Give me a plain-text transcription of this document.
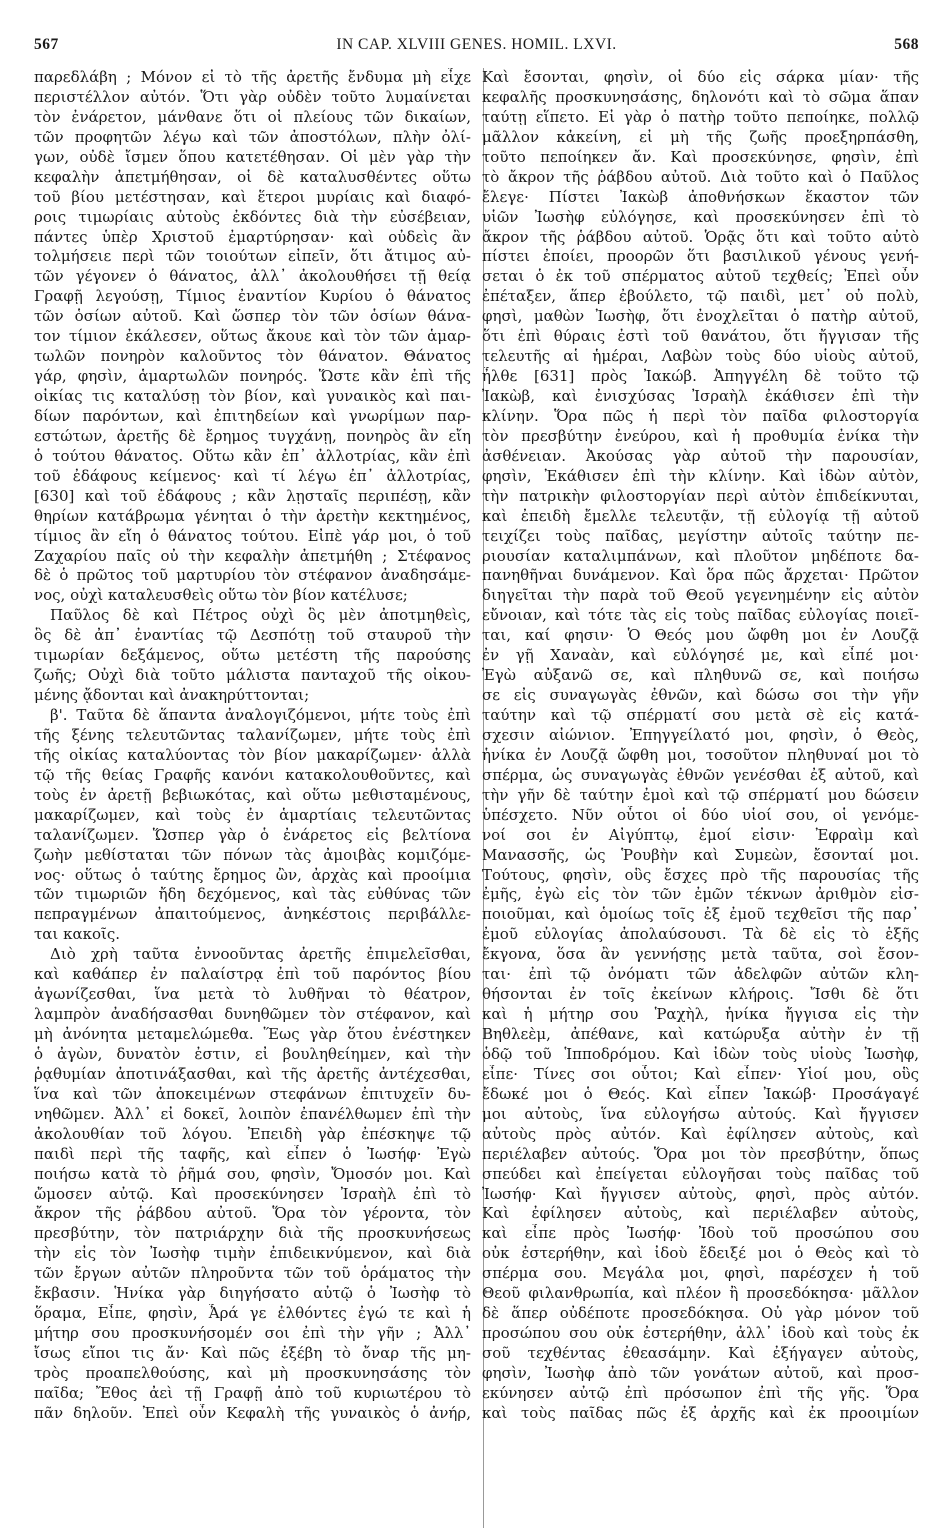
567	IN CAP. XLVIII GENES. HOMIL. LXVI.	568
παρεδλάβη ; Μόνον εἰ τὸ τῆς ἀρετῆς ἔνδυμα μὴ εἶχε
περιστέλλον αὐτόν. Ὅτι γὰρ οὐδὲν τοῦτο λυμαίνεται
τὸν ἐνάρετον, μάνθανε ὅτι οἱ πλείους τῶν δικαίων,
τῶν προφητῶν λέγω καὶ τῶν ἀποστόλων, πλὴν ὀλί-
γων, οὐδὲ ἴσμεν ὅπου κατετέθησαν. Οἱ μὲν γὰρ τὴν
κεφαλὴν ἀπετμήθησαν, οἱ δὲ καταλυσθέντες οὕτω
τοῦ βίου μετέστησαν, καὶ ἕτεροι μυρίαις καὶ διαφό-
ροις τιμωρίαις αὐτοὺς ἐκδόντες διὰ τὴν εὐσέβειαν,
πάντες ὑπὲρ Χριστοῦ ἐμαρτύρησαν· καὶ οὐδεὶς ἂν
τολμήσειε περὶ τῶν τοιούτων εἰπεῖν, ὅτι ἄτιμος αὐ-
τῶν γέγονεν ὁ θάνατος, ἀλλ᾽ ἀκολουθήσει τῇ θείᾳ
Γραφῇ λεγούσῃ, Τίμιος ἐναντίον Κυρίου ὁ θάνατος
τῶν ὁσίων αὐτοῦ. Καὶ ὥσπερ τὸν τῶν ὁσίων θάνα-
τον τίμιον ἐκάλεσεν, οὕτως ἄκουε καὶ τὸν τῶν ἁμαρ-
τωλῶν πονηρὸν καλοῦντος τὸν θάνατον. Θάνατος
γάρ, φησὶν, ἁμαρτωλῶν πονηρός. Ὥστε κἂν ἐπὶ τῆς
οἰκίας τις καταλύσῃ τὸν βίον, καὶ γυναικὸς καὶ παι-
δίων παρόντων, καὶ ἐπιτηδείων καὶ γνωρίμων παρ-
εστώτων, ἀρετῆς δὲ ἔρημος τυγχάνῃ, πονηρὸς ἂν εἴη
ὁ τούτου θάνατος. Οὕτω κἂν ἐπ᾽ ἀλλοτρίας, κἂν ἐπὶ
τοῦ ἐδάφους κείμενος· καὶ τί λέγω ἐπ᾽ ἀλλοτρίας,
[630] καὶ τοῦ ἐδάφους ; κἂν λῃσταῖς περιπέσῃ, κἂν
θηρίων κατάβρωμα γένηται ὁ τὴν ἀρετὴν κεκτημένος,
τίμιος ἂν εἴη ὁ θάνατος τούτου. Εἰπὲ γάρ μοι, ὁ τοῦ
Ζαχαρίου παῖς οὐ τὴν κεφαλὴν ἀπετμήθη ; Στέφανος
δὲ ὁ πρῶτος τοῦ μαρτυρίου τὸν στέφανον ἀναδησάμε-
νος, οὐχὶ καταλευσθεὶς οὕτω τὸν βίον κατέλυσε;
Παῦλος δὲ καὶ Πέτρος οὐχὶ ὃς μὲν ἀποτμηθεὶς,
ὃς δὲ ἀπ᾽ ἐναντίας τῷ Δεσπότῃ τοῦ σταυροῦ τὴν
τιμωρίαν δεξάμενος, οὕτω μετέστη τῆς παρούσης
ζωῆς; Οὐχὶ διὰ τοῦτο μάλιστα πανταχοῦ τῆς οἰκου-
μένης ᾄδονται καὶ ἀνακηρύττονται;
β'. Ταῦτα δὲ ἅπαντα ἀναλογιζόμενοι, μήτε τοὺς ἐπὶ
τῆς ξένης τελευτῶντας ταλανίζωμεν, μήτε τοὺς ἐπὶ
τῆς οἰκίας καταλύοντας τὸν βίον μακαρίζωμεν· ἀλλὰ
τῷ τῆς θείας Γραφῆς κανόνι κατακολουθοῦντες, καὶ
τοὺς ἐν ἀρετῇ βεβιωκότας, καὶ οὕτω μεθισταμένους,
μακαρίζωμεν, καὶ τοὺς ἐν ἁμαρτίαις τελευτῶντας
ταλανίζωμεν. Ὥσπερ γὰρ ὁ ἐνάρετος εἰς βελτίονα
ζωὴν μεθίσταται τῶν πόνων τὰς ἀμοιβὰς κομιζόμε-
νος· οὕτως ὁ ταύτης ἔρημος ὢν, ἀρχὰς καὶ προοίμια
τῶν τιμωριῶν ἤδη δεχόμενος, καὶ τὰς εὐθύνας τῶν
πεπραγμένων ἀπαιτούμενος, ἀνηκέστοις περιβάλλε-
ται κακοῖς.
Διὸ χρὴ ταῦτα ἐννοοῦντας ἀρετῆς ἐπιμελεῖσθαι,
καὶ καθάπερ ἐν παλαίστρᾳ ἐπὶ τοῦ παρόντος βίου
ἀγωνίζεσθαι, ἵνα μετὰ τὸ λυθῆναι τὸ θέατρον,
λαμπρὸν ἀναδήσασθαι δυνηθῶμεν τὸν στέφανον, καὶ
μὴ ἀνόνητα μεταμελώμεθα. Ἕως γὰρ ὅτου ἐνέστηκεν
ὁ ἀγὼν, δυνατὸν ἐστιν, εἰ βουληθείημεν, καὶ τὴν
ῥᾳθυμίαν ἀποτινάξασθαι, καὶ τῆς ἀρετῆς ἀντέχεσθαι,
ἵνα καὶ τῶν ἀποκειμένων στεφάνων ἐπιτυχεῖν δυ-
νηθῶμεν. Ἀλλ᾽ εἰ δοκεῖ, λοιπὸν ἐπανέλθωμεν ἐπὶ τὴν
ἀκολουθίαν τοῦ λόγου. Ἐπειδὴ γὰρ ἐπέσκηψε τῷ
παιδὶ περὶ τῆς ταφῆς, καὶ εἶπεν ὁ Ἰωσήφ· Ἐγὼ
ποιήσω κατὰ τὸ ῥῆμά σου, φησὶν, Ὄμοσόν μοι. Καὶ
ὤμοσεν αὐτῷ. Καὶ προσεκύνησεν Ἰσραὴλ ἐπὶ τὸ
ἄκρον τῆς ῥάβδου αὐτοῦ. Ὅρα τὸν γέροντα, τὸν
πρεσβύτην, τὸν πατριάρχην διὰ τῆς προσκυνήσεως
τὴν εἰς τὸν Ἰωσὴφ τιμὴν ἐπιδεικνύμενον, καὶ διὰ
τῶν ἔργων αὐτῶν πληροῦντα τῶν τοῦ ὁράματος τὴν
ἔκβασιν. Ἡνίκα γὰρ διηγήσατο αὐτῷ ὁ Ἰωσὴφ τὸ
ὅραμα, Εἶπε, φησὶν, Ἆρά γε ἐλθόντες ἐγώ τε καὶ ἡ
μήτηρ σου προσκυνήσομέν σοι ἐπὶ τὴν γῆν ; Ἀλλ᾽
ἴσως εἴποι τις ἄν· Καὶ πῶς ἐξέβη τὸ ὄναρ τῆς μη-
τρὸς προαπελθούσης, καὶ μὴ προσκυνησάσης τὸν
παῖδα; Ἔθος ἀεὶ τῇ Γραφῇ ἀπὸ τοῦ κυριωτέρου τὸ
πᾶν δηλοῦν. Ἐπεὶ οὖν Κεφαλὴ τῆς γυναικὸς ὁ ἀνήρ,
Καὶ ἔσονται, φησὶν, οἱ δύο εἰς σάρκα μίαν· τῆς
κεφαλῆς προσκυνησάσης, δηλονότι καὶ τὸ σῶμα ἅπαν
ταύτῃ εἵπετο. Εἰ γὰρ ὁ πατὴρ τοῦτο πεποίηκε, πολλῷ
μᾶλλον κἀκείνη, εἰ μὴ τῆς ζωῆς προεξηρπάσθη,
τοῦτο πεποίηκεν ἄν. Καὶ προσεκύνησε, φησὶν, ἐπὶ
τὸ ἄκρον τῆς ῥάβδου αὐτοῦ. Διὰ τοῦτο καὶ ὁ Παῦλος
ἔλεγε· Πίστει Ἰακὼβ ἀποθνήσκων ἕκαστον τῶν
υἱῶν Ἰωσὴφ εὐλόγησε, καὶ προσεκύνησεν ἐπὶ τὸ
ἄκρον τῆς ῥάβδου αὐτοῦ. Ὁρᾷς ὅτι καὶ τοῦτο αὐτὸ
πίστει ἐποίει, προορῶν ὅτι βασιλικοῦ γένους γενή-
σεται ὁ ἐκ τοῦ σπέρματος αὐτοῦ τεχθείς; Ἐπεὶ οὖν
ἐπέταξεν, ἅπερ ἐβούλετο, τῷ παιδὶ, μετ᾽ οὐ πολὺ,
φησὶ, μαθὼν Ἰωσὴφ, ὅτι ἐνοχλεῖται ὁ πατὴρ αὐτοῦ,
ὅτι ἐπὶ θύραις ἐστὶ τοῦ θανάτου, ὅτι ἤγγισαν τῆς
τελευτῆς αἱ ἡμέραι, Λαβὼν τοὺς δύο υἱοὺς αὐτοῦ,
ἦλθε [631] πρὸς Ἰακώβ. Ἀπηγγέλη δὲ τοῦτο τῷ
Ἰακὼβ, καὶ ἐνισχύσας Ἰσραὴλ ἐκάθισεν ἐπὶ τὴν
κλίνην. Ὅρα πῶς ἡ περὶ τὸν παῖδα φιλοστοργία
τὸν πρεσβύτην ἐνεύρου, καὶ ἡ προθυμία ἐνίκα τὴν
ἀσθένειαν. Ἀκούσας γὰρ αὐτοῦ τὴν παρουσίαν,
φησὶν, Ἐκάθισεν ἐπὶ τὴν κλίνην. Καὶ ἰδὼν αὐτὸν,
τὴν πατρικὴν φιλοστοργίαν περὶ αὐτὸν ἐπιδείκνυται,
καὶ ἐπειδὴ ἔμελλε τελευτᾷν, τῇ εὐλογίᾳ τῇ αὐτοῦ
τειχίζει τοὺς παῖδας, μεγίστην αὐτοῖς ταύτην πε-
ριουσίαν καταλιμπάνων, καὶ πλοῦτον μηδέποτε δα-
πανηθῆναι δυνάμενον. Καὶ ὅρα πῶς ἄρχεται· Πρῶτον
διηγεῖται τὴν παρὰ τοῦ Θεοῦ γεγενημένην εἰς αὐτὸν
εὔνοιαν, καὶ τότε τὰς εἰς τοὺς παῖδας εὐλογίας ποιεῖ-
ται, καί φησιν· Ὁ Θεός μου ὤφθη μοι ἐν Λουζᾷ
ἐν γῇ Χαναὰν, καὶ εὐλόγησέ με, καὶ εἶπέ μοι·
Ἐγὼ αὐξανῶ σε, καὶ πληθυνῶ σε, καὶ ποιήσω
σε εἰς συναγωγὰς ἐθνῶν, καὶ δώσω σοι τὴν γῆν
ταύτην καὶ τῷ σπέρματί σου μετὰ σὲ εἰς κατά-
σχεσιν αἰώνιον. Ἐπηγγείλατό μοι, φησὶν, ὁ Θεὸς,
ἡνίκα ἐν Λουζᾷ ὤφθη μοι, τοσοῦτον πληθυναί μοι τὸ
σπέρμα, ὡς συναγωγὰς ἐθνῶν γενέσθαι ἐξ αὐτοῦ, καὶ
τὴν γῆν δὲ ταύτην ἐμοὶ καὶ τῷ σπέρματί μου δώσειν
ὑπέσχετο. Νῦν οὗτοι οἱ δύο υἱοί σου, οἱ γενόμε-
νοί σοι ἐν Αἰγύπτῳ, ἐμοί εἰσιν· Ἐφραὶμ καὶ
Μανασσῆς, ὡς Ῥουβὴν καὶ Συμεὼν, ἔσονταί μοι.
Τούτους, φησὶν, οὓς ἔσχες πρὸ τῆς παρουσίας τῆς
ἐμῆς, ἐγὼ εἰς τὸν τῶν ἐμῶν τέκνων ἀριθμὸν εἰσ-
ποιοῦμαι, καὶ ὁμοίως τοῖς ἐξ ἐμοῦ τεχθεῖσι τῆς παρ᾽
ἐμοῦ εὐλογίας ἀπολαύσουσι. Τὰ δὲ εἰς τὸ ἑξῆς
ἔκγονα, ὅσα ἂν γεννήσῃς μετὰ ταῦτα, σοὶ ἔσον-
ται· ἐπὶ τῷ ὀνόματι τῶν ἀδελφῶν αὐτῶν κλη-
θήσονται ἐν τοῖς ἐκείνων κλήροις. Ἴσθι δὲ ὅτι
καὶ ἡ μήτηρ σου Ῥαχὴλ, ἡνίκα ἤγγισα εἰς τὴν
Βηθλεὲμ, ἀπέθανε, καὶ κατώρυξα αὐτὴν ἐν τῇ
ὁδῷ τοῦ Ἱπποδρόμου. Καὶ ἰδὼν τοὺς υἱοὺς Ἰωσὴφ,
εἶπε· Τίνες σοι οὗτοι; Καὶ εἶπεν· Υἱοί μου, οὓς
ἔδωκέ μοι ὁ Θεός. Καὶ εἶπεν Ἰακώβ· Προσάγαγέ
μοι αὐτοὺς, ἵνα εὐλογήσω αὐτούς. Καὶ ἤγγισεν
αὐτοὺς πρὸς αὐτόν. Καὶ ἐφίλησεν αὐτοὺς, καὶ
περιέλαβεν αὐτούς. Ὅρα μοι τὸν πρεσβύτην, ὅπως
σπεύδει καὶ ἐπείγεται εὐλογῆσαι τοὺς παῖδας τοῦ
Ἰωσήφ· Καὶ ἤγγισεν αὐτοὺς, φησὶ, πρὸς αὐτόν.
Καὶ ἐφίλησεν αὐτοὺς, καὶ περιέλαβεν αὐτοὺς,
καὶ εἶπε πρὸς Ἰωσήφ· Ἰδοὺ τοῦ προσώπου σου
οὐκ ἐστερήθην, καὶ ἰδοὺ ἔδειξέ μοι ὁ Θεὸς καὶ τὸ
σπέρμα σου. Μεγάλα μοι, φησὶ, παρέσχεν ἡ τοῦ
Θεοῦ φιλανθρωπία, καὶ πλέον ἢ προσεδόκησα· μᾶλλον
δὲ ἅπερ οὐδέποτε προσεδόκησα. Οὐ γὰρ μόνον τοῦ
προσώπου σου οὐκ ἐστερήθην, ἀλλ᾽ ἰδοὺ καὶ τοὺς ἐκ
σοῦ τεχθέντας ἐθεασάμην. Καὶ ἐξήγαγεν αὐτοὺς,
φησὶν, Ἰωσὴφ ἀπὸ τῶν γονάτων αὐτοῦ, καὶ προσ-
εκύνησεν αὐτῷ ἐπὶ πρόσωπον ἐπὶ τῆς γῆς. Ὅρα
καὶ τοὺς παῖδας πῶς ἐξ ἀρχῆς καὶ ἐκ προοιμίων
